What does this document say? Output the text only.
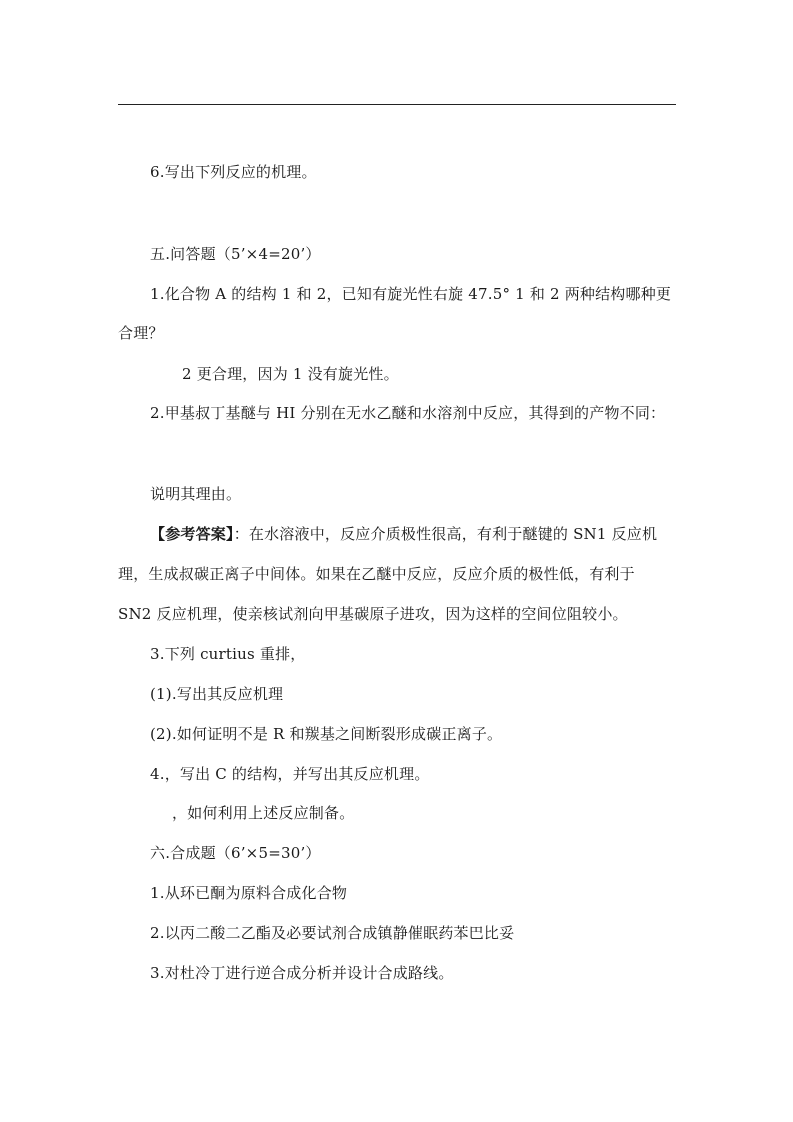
6.写出下列反应的机理。
五.问答题（5’×4=20’）
1.化合物 A 的结构 1 和 2，已知有旋光性右旋 47.5° 1 和 2 两种结构哪种更
合理？
2 更合理，因为 1 没有旋光性。
2.甲基叔丁基醚与 HI 分别在无水乙醚和水溶剂中反应，其得到的产物不同：
说明其理由。
【参考答案】：在水溶液中，反应介质极性很高，有利于醚键的 SN1 反应机
理，生成叔碳正离子中间体。如果在乙醚中反应，反应介质的极性低，有利于
SN2 反应机理，使亲核试剂向甲基碳原子进攻，因为这样的空间位阻较小。
3.下列 curtius 重排，
(1).写出其反应机理
(2).如何证明不是 R 和羰基之间断裂形成碳正离子。
4.，写出 C 的结构，并写出其反应机理。
，如何利用上述反应制备。
六.合成题（6’×5=30’）
1.从环已酮为原料合成化合物
2.以丙二酸二乙酯及必要试剂合成镇静催眠药苯巴比妥
3.对杜冷丁进行逆合成分析并设计合成路线。
